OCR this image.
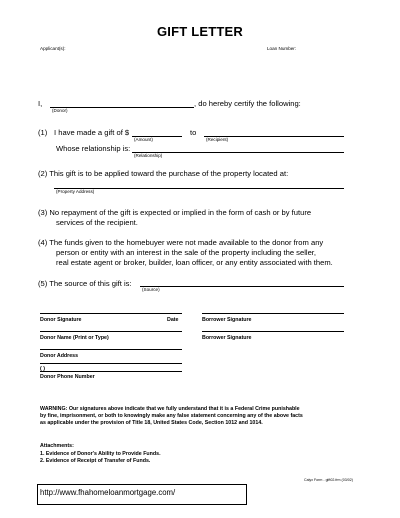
GIFT LETTER
Applicant(s):	Loan Number:
I,
(Donor)
, do hereby certify the following:
(1) I have made a gift of $
(Amount)
to
(Recipient)
Whose relationship is:
(Relationship)
(2) This gift is to be applied toward the purchase of the property located at:
(Property Address)
(3) No repayment of the gift is expected or implied in the form of cash or by future
services of the recipient.
(4) The funds given to the homebuyer were not made available to the donor from any
person or entity with an interest in the sale of the property including the seller,
real estate agent or broker, builder, loan officer, or any entity associated with them.
(5) The source of this gift is:
(Source)
Donor Signature	Date	Borrower Signature
Donor Name (Print or Type)	Borrower Signature
Donor Address
( )
Donor Phone Number
WARNING: Our signatures above indicate that we fully understand that it is a Federal Crime punishable
by fine, imprisonment, or both to knowingly make any false statement concerning any of the above facts
as applicable under the provision of Title 18, United States Code, Section 1012 and 1014.
Attachments:
1. Evidence of Donor's Ability to Provide Funds.
2. Evidence of Receipt of Transfer of Funds.
Calyx Form - gift02.frm (03/02)
http://www.fhahomeloanmortgage.com/
